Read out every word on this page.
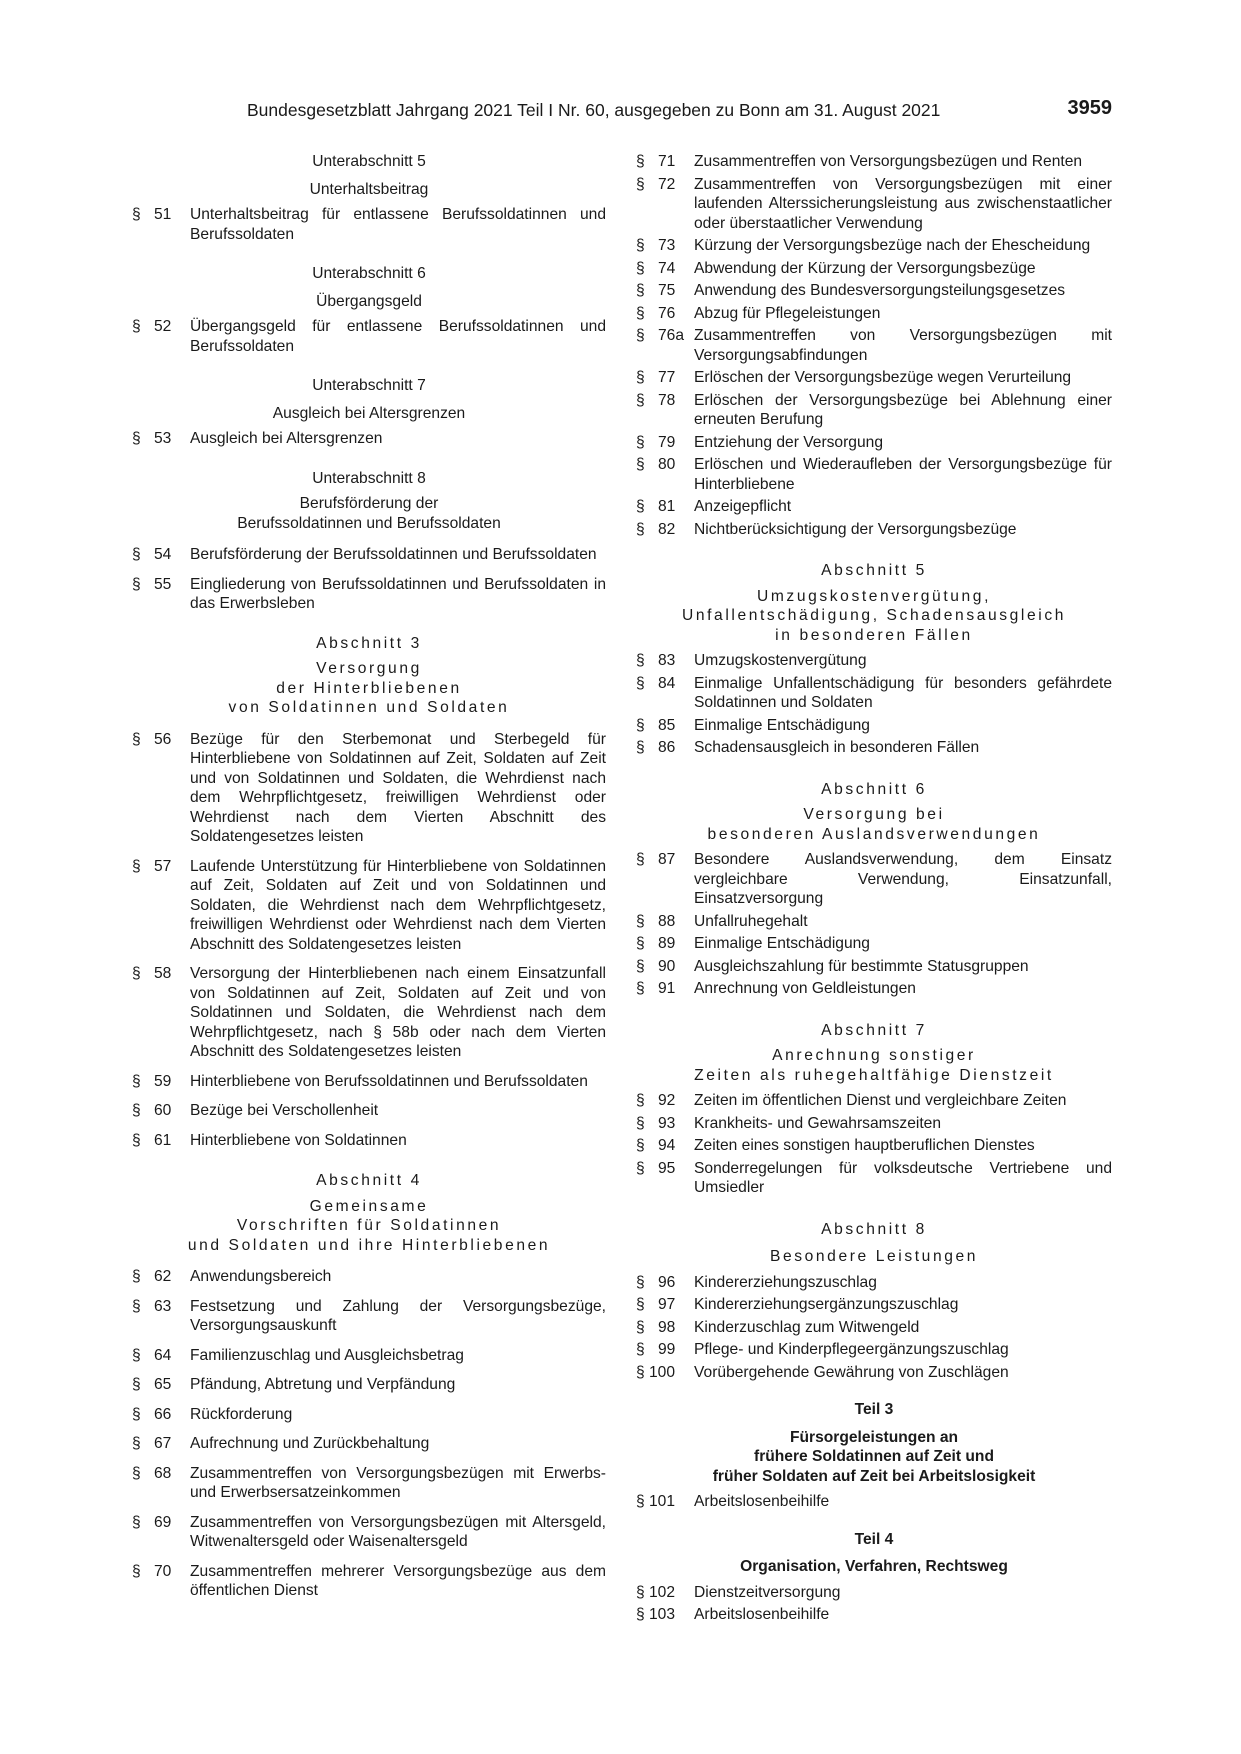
Bundesgesetzblatt Jahrgang 2021 Teil I Nr. 60, ausgegeben zu Bonn am 31. August 2021	3959

Unterabschnitt 5

Unterhaltsbeitrag

§ 51	Unterhaltsbeitrag für entlassene Berufssoldatinnen und Berufssoldaten

Unterabschnitt 6

Übergangsgeld

§ 52	Übergangsgeld für entlassene Berufssoldatinnen und Berufssoldaten

Unterabschnitt 7

Ausgleich bei Altersgrenzen

§ 53	Ausgleich bei Altersgrenzen

Unterabschnitt 8

Berufsförderung der

Berufssoldatinnen und Berufssoldaten

§ 54	Berufsförderung der Berufssoldatinnen und Berufssoldaten
§ 55	Eingliederung von Berufssoldatinnen und Berufssoldaten in das Erwerbsleben

Abschnitt 3

Versorgung

der Hinterbliebenen

von Soldatinnen und Soldaten

§ 56	Bezüge für den Sterbemonat und Sterbegeld für Hinterbliebene von Soldatinnen auf Zeit, Soldaten auf Zeit und von Soldatinnen und Soldaten, die Wehrdienst nach dem Wehrpflichtgesetz, freiwilligen Wehrdienst oder Wehrdienst nach dem Vierten Abschnitt des Soldatengesetzes leisten
§ 57	Laufende Unterstützung für Hinterbliebene von Soldatinnen auf Zeit, Soldaten auf Zeit und von Soldatinnen und Soldaten, die Wehrdienst nach dem Wehrpflichtgesetz, freiwilligen Wehrdienst oder Wehrdienst nach dem Vierten Abschnitt des Soldatengesetzes leisten
§ 58	Versorgung der Hinterbliebenen nach einem Einsatzunfall von Soldatinnen auf Zeit, Soldaten auf Zeit und von Soldatinnen und Soldaten, die Wehrdienst nach dem Wehrpflichtgesetz, nach § 58b oder nach dem Vierten Abschnitt des Soldatengesetzes leisten
§ 59	Hinterbliebene von Berufssoldatinnen und Berufssoldaten
§ 60	Bezüge bei Verschollenheit
§ 61	Hinterbliebene von Soldatinnen

Abschnitt 4

Gemeinsame

Vorschriften für Soldatinnen

und Soldaten und ihre Hinterbliebenen

§ 62	Anwendungsbereich
§ 63	Festsetzung und Zahlung der Versorgungsbezüge, Versorgungsauskunft
§ 64	Familienzuschlag und Ausgleichsbetrag
§ 65	Pfändung, Abtretung und Verpfändung
§ 66	Rückforderung
§ 67	Aufrechnung und Zurückbehaltung
§ 68	Zusammentreffen von Versorgungsbezügen mit Erwerbs- und Erwerbsersatzeinkommen
§ 69	Zusammentreffen von Versorgungsbezügen mit Altersgeld, Witwenaltersgeld oder Waisenaltersgeld
§ 70	Zusammentreffen mehrerer Versorgungsbezüge aus dem öffentlichen Dienst
§ 71	Zusammentreffen von Versorgungsbezügen und Renten
§ 72	Zusammentreffen von Versorgungsbezügen mit einer laufenden Alterssicherungsleistung aus zwischenstaatlicher oder überstaatlicher Verwendung
§ 73	Kürzung der Versorgungsbezüge nach der Ehescheidung
§ 74	Abwendung der Kürzung der Versorgungsbezüge
§ 75	Anwendung des Bundesversorgungsteilungsgesetzes
§ 76	Abzug für Pflegeleistungen
§ 76a Zusammentreffen von Versorgungsbezügen mit Versorgungsabfindungen
§ 77	Erlöschen der Versorgungsbezüge wegen Verurteilung
§ 78	Erlöschen der Versorgungsbezüge bei Ablehnung einer erneuten Berufung
§ 79	Entziehung der Versorgung
§ 80	Erlöschen und Wiederaufleben der Versorgungsbezüge für Hinterbliebene
§ 81	Anzeigepflicht
§ 82	Nichtberücksichtigung der Versorgungsbezüge

Abschnitt 5

Umzugskostenvergütung,

Unfallentschädigung, Schadensausgleich

in besonderen Fällen

§ 83	Umzugskostenvergütung
§ 84	Einmalige Unfallentschädigung für besonders gefährdete Soldatinnen und Soldaten
§ 85	Einmalige Entschädigung
§ 86	Schadensausgleich in besonderen Fällen

Abschnitt 6

Versorgung bei

besonderen Auslandsverwendungen

§ 87	Besondere Auslandsverwendung, dem Einsatz vergleichbare Verwendung, Einsatzunfall, Einsatzversorgung
§ 88	Unfallruhegehalt
§ 89	Einmalige Entschädigung
§ 90	Ausgleichszahlung für bestimmte Statusgruppen
§ 91	Anrechnung von Geldleistungen

Abschnitt 7

Anrechnung sonstiger

Zeiten als ruhegehaltfähige Dienstzeit

§ 92	Zeiten im öffentlichen Dienst und vergleichbare Zeiten
§ 93	Krankheits- und Gewahrsamszeiten
§ 94	Zeiten eines sonstigen hauptberuflichen Dienstes
§ 95	Sonderregelungen für volksdeutsche Vertriebene und Umsiedler

Abschnitt 8

Besondere Leistungen

§ 96	Kindererziehungszuschlag
§ 97	Kindererziehungsergänzungszuschlag
§ 98	Kinderzuschlag zum Witwengeld
§ 99	Pflege- und Kinderpflegeergänzungszuschlag
§ 100	Vorübergehende Gewährung von Zuschlägen

Teil 3

Fürsorgeleistungen an

frühere Soldatinnen auf Zeit und

früher Soldaten auf Zeit bei Arbeitslosigkeit

§ 101	Arbeitslosenbeihilfe

Teil 4

Organisation, Verfahren, Rechtsweg

§ 102	Dienstzeitversorgung
§ 103	Arbeitslosenbeihilfe
